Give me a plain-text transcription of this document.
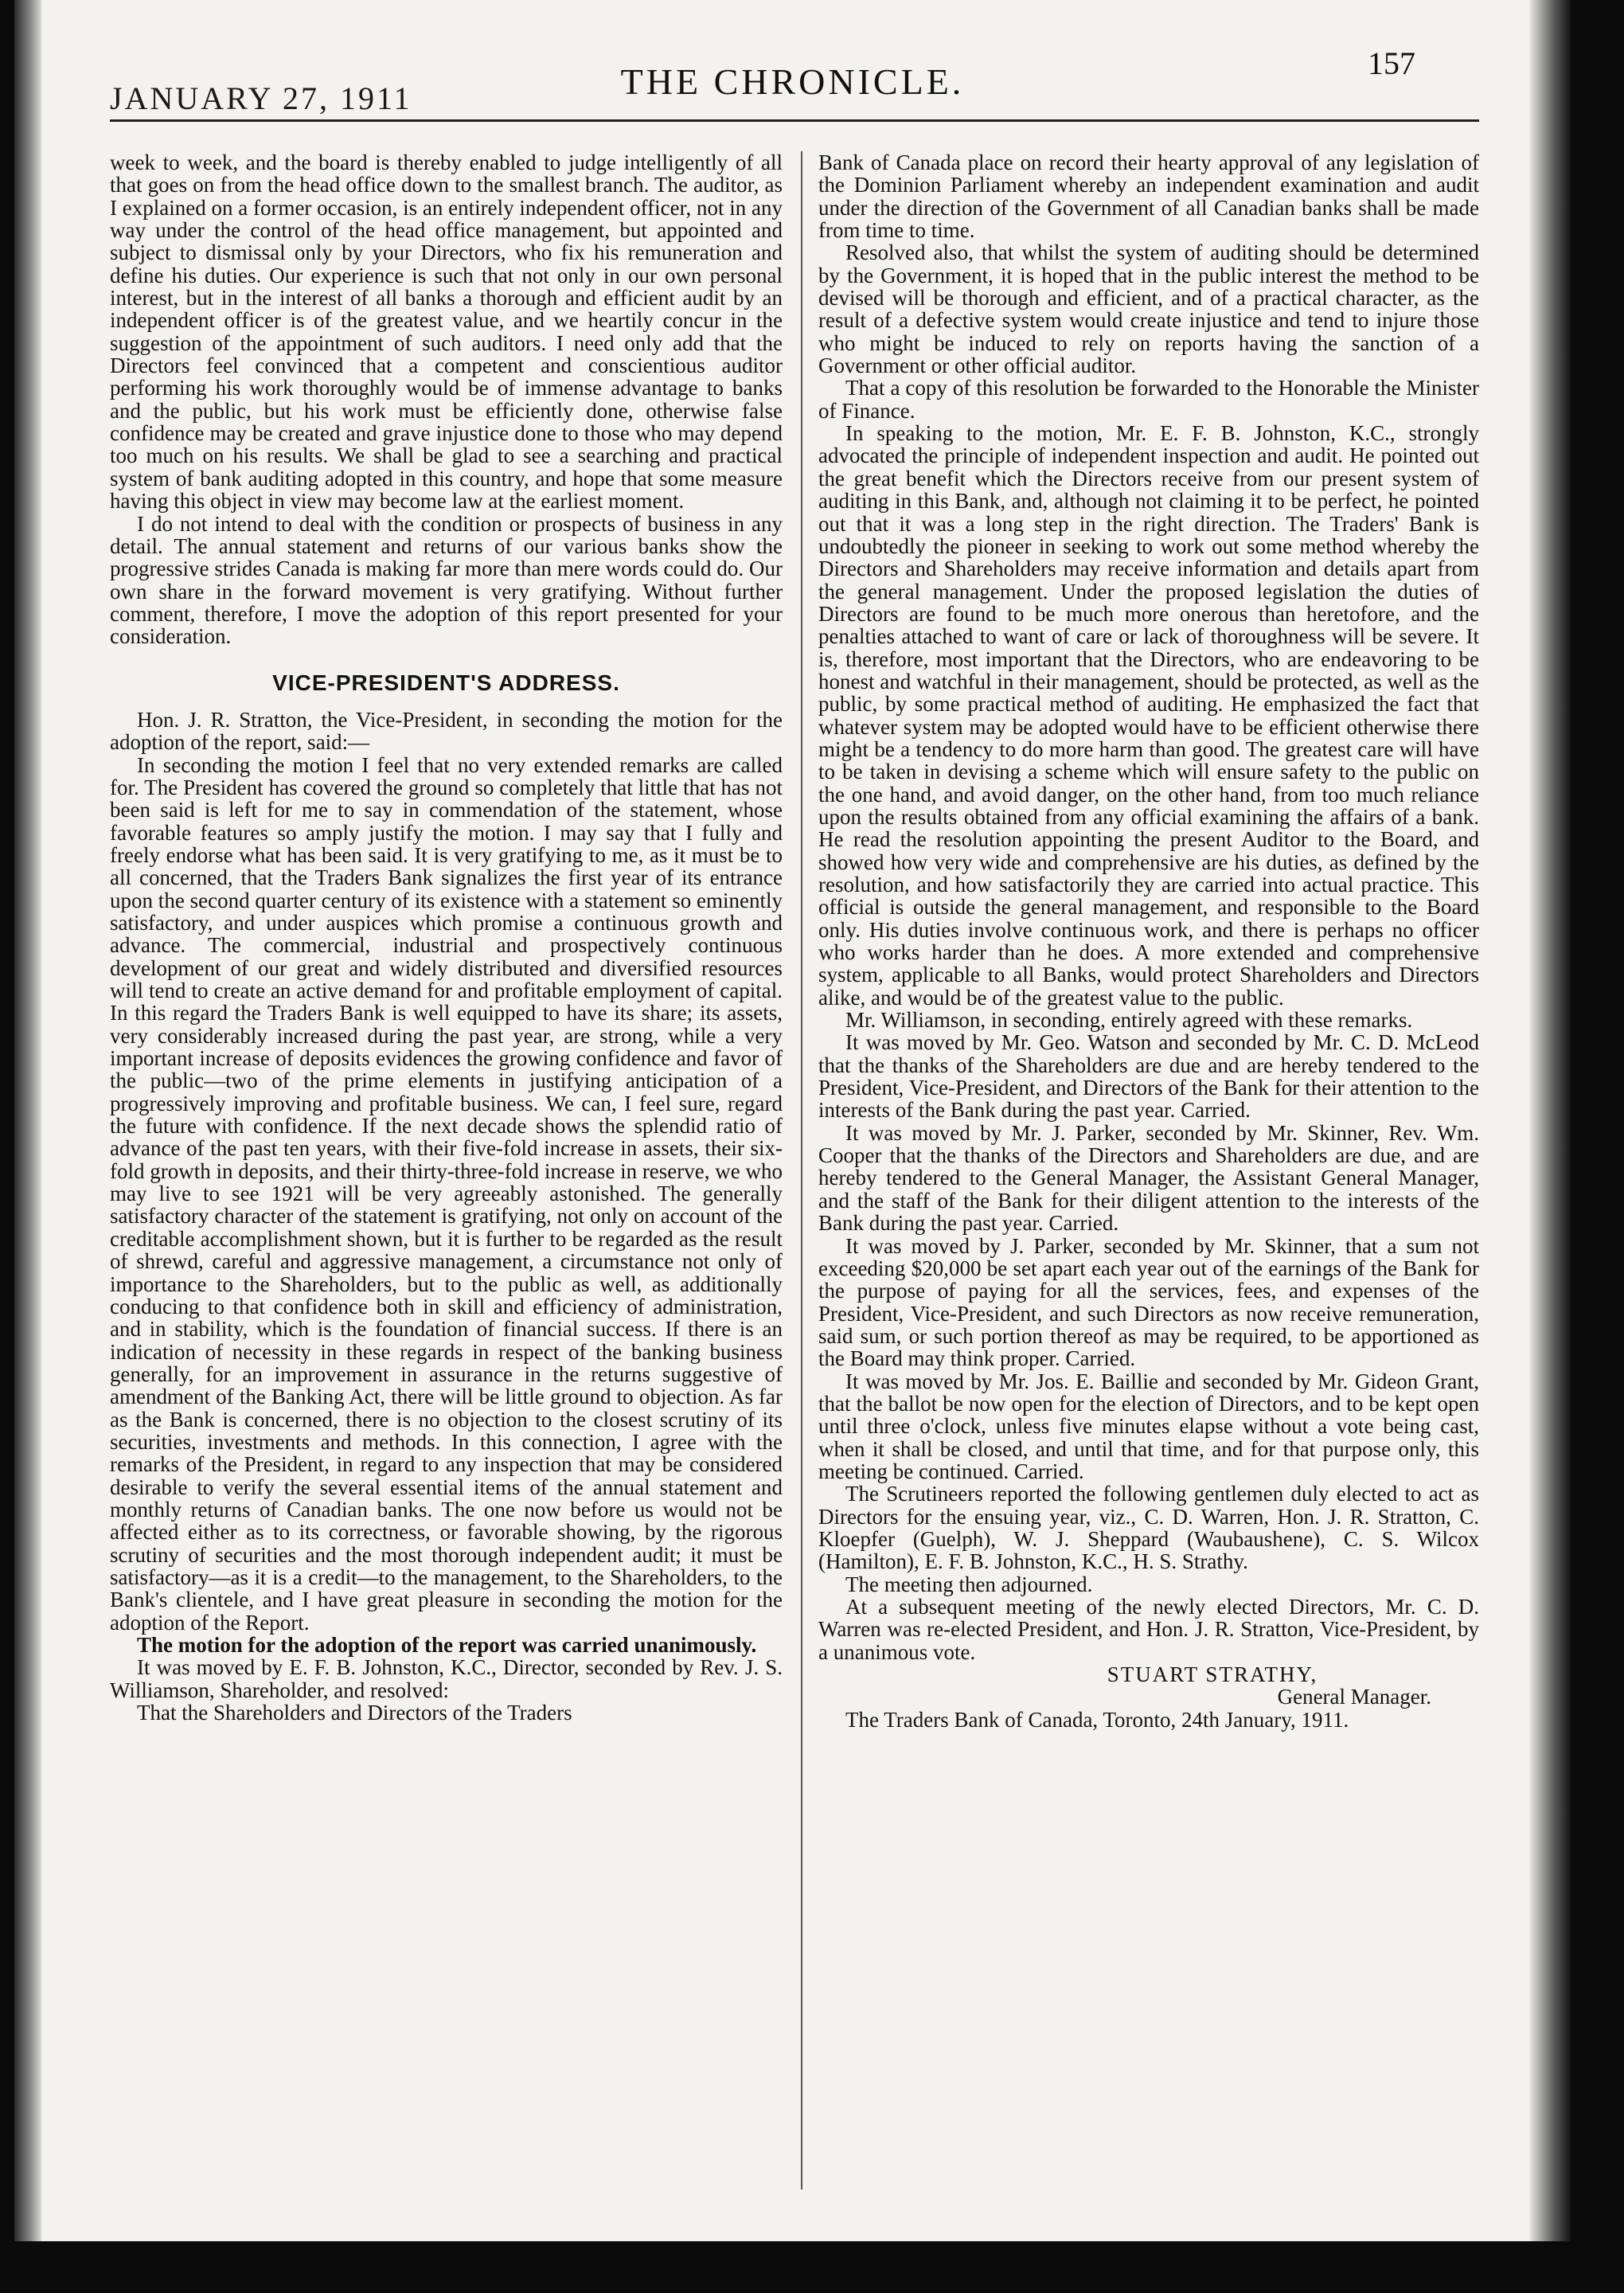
JANUARY 27, 1911	THE CHRONICLE.	157

week to week, and the board is thereby enabled to judge intelligently of all that goes on from the head office down to the smallest branch. The auditor, as I explained on a former occasion, is an entirely independent officer, not in any way under the control of the head office management, but appointed and subject to dismissal only by your Directors, who fix his remuneration and define his duties. Our experience is such that not only in our own personal interest, but in the interest of all banks a thorough and efficient audit by an independent officer is of the greatest value, and we heartily concur in the suggestion of the appointment of such auditors. I need only add that the Directors feel convinced that a competent and conscientious auditor performing his work thoroughly would be of immense advantage to banks and the public, but his work must be efficiently done, otherwise false confidence may be created and grave injustice done to those who may depend too much on his results. We shall be glad to see a searching and practical system of bank auditing adopted in this country, and hope that some measure having this object in view may become law at the earliest moment.

I do not intend to deal with the condition or prospects of business in any detail. The annual statement and returns of our various banks show the progressive strides Canada is making far more than mere words could do. Our own share in the forward movement is very gratifying. Without further comment, therefore, I move the adoption of this report presented for your consideration.

VICE-PRESIDENT'S ADDRESS.

Hon. J. R. Stratton, the Vice-President, in seconding the motion for the adoption of the report, said:—

In seconding the motion I feel that no very extended remarks are called for. The President has covered the ground so completely that little that has not been said is left for me to say in commendation of the statement, whose favorable features so amply justify the motion. I may say that I fully and freely endorse what has been said. It is very gratifying to me, as it must be to all concerned, that the Traders Bank signalizes the first year of its entrance upon the second quarter century of its existence with a statement so eminently satisfactory, and under auspices which promise a continuous growth and advance. The commercial, industrial and prospectively continuous development of our great and widely distributed and diversified resources will tend to create an active demand for and profitable employment of capital. In this regard the Traders Bank is well equipped to have its share; its assets, very considerably increased during the past year, are strong, while a very important increase of deposits evidences the growing confidence and favor of the public—two of the prime elements in justifying anticipation of a progressively improving and profitable business. We can, I feel sure, regard the future with confidence. If the next decade shows the splendid ratio of advance of the past ten years, with their five-fold increase in assets, their six-fold growth in deposits, and their thirty-three-fold increase in reserve, we who may live to see 1921 will be very agreeably astonished. The generally satisfactory character of the statement is gratifying, not only on account of the creditable accomplishment shown, but it is further to be regarded as the result of shrewd, careful and aggressive management, a circumstance not only of importance to the Shareholders, but to the public as well, as additionally conducing to that confidence both in skill and efficiency of administration, and in stability, which is the foundation of financial success. If there is an indication of necessity in these regards in respect of the banking business generally, for an improvement in assurance in the returns suggestive of amendment of the Banking Act, there will be little ground to objection. As far as the Bank is concerned, there is no objection to the closest scrutiny of its securities, investments and methods. In this connection, I agree with the remarks of the President, in regard to any inspection that may be considered desirable to verify the several essential items of the annual statement and monthly returns of Canadian banks. The one now before us would not be affected either as to its correctness, or favorable showing, by the rigorous scrutiny of securities and the most thorough independent audit; it must be satisfactory—as it is a credit—to the management, to the Shareholders, to the Bank's clientele, and I have great pleasure in seconding the motion for the adoption of the Report.

The motion for the adoption of the report was carried unanimously.

It was moved by E. F. B. Johnston, K.C., Director, seconded by Rev. J. S. Williamson, Shareholder, and resolved:

That the Shareholders and Directors of the Traders

Bank of Canada place on record their hearty approval of any legislation of the Dominion Parliament whereby an independent examination and audit under the direction of the Government of all Canadian banks shall be made from time to time.

Resolved also, that whilst the system of auditing should be determined by the Government, it is hoped that in the public interest the method to be devised will be thorough and efficient, and of a practical character, as the result of a defective system would create injustice and tend to injure those who might be induced to rely on reports having the sanction of a Government or other official auditor.

That a copy of this resolution be forwarded to the Honorable the Minister of Finance.

In speaking to the motion, Mr. E. F. B. Johnston, K.C., strongly advocated the principle of independent inspection and audit. He pointed out the great benefit which the Directors receive from our present system of auditing in this Bank, and, although not claiming it to be perfect, he pointed out that it was a long step in the right direction. The Traders' Bank is undoubtedly the pioneer in seeking to work out some method whereby the Directors and Shareholders may receive information and details apart from the general management. Under the proposed legislation the duties of Directors are found to be much more onerous than heretofore, and the penalties attached to want of care or lack of thoroughness will be severe. It is, therefore, most important that the Directors, who are endeavoring to be honest and watchful in their management, should be protected, as well as the public, by some practical method of auditing. He emphasized the fact that whatever system may be adopted would have to be efficient otherwise there might be a tendency to do more harm than good. The greatest care will have to be taken in devising a scheme which will ensure safety to the public on the one hand, and avoid danger, on the other hand, from too much reliance upon the results obtained from any official examining the affairs of a bank. He read the resolution appointing the present Auditor to the Board, and showed how very wide and comprehensive are his duties, as defined by the resolution, and how satisfactorily they are carried into actual practice. This official is outside the general management, and responsible to the Board only. His duties involve continuous work, and there is perhaps no officer who works harder than he does. A more extended and comprehensive system, applicable to all Banks, would protect Shareholders and Directors alike, and would be of the greatest value to the public.

Mr. Williamson, in seconding, entirely agreed with these remarks.

It was moved by Mr. Geo. Watson and seconded by Mr. C. D. McLeod that the thanks of the Shareholders are due and are hereby tendered to the President, Vice-President, and Directors of the Bank for their attention to the interests of the Bank during the past year. Carried.

It was moved by Mr. J. Parker, seconded by Mr. Skinner, Rev. Wm. Cooper that the thanks of the Directors and Shareholders are due, and are hereby tendered to the General Manager, the Assistant General Manager, and the staff of the Bank for their diligent attention to the interests of the Bank during the past year. Carried.

It was moved by J. Parker, seconded by Mr. Skinner, that a sum not exceeding $20,000 be set apart each year out of the earnings of the Bank for the purpose of paying for all the services, fees, and expenses of the President, Vice-President, and such Directors as now receive remuneration, said sum, or such portion thereof as may be required, to be apportioned as the Board may think proper. Carried.

It was moved by Mr. Jos. E. Baillie and seconded by Mr. Gideon Grant, that the ballot be now open for the election of Directors, and to be kept open until three o'clock, unless five minutes elapse without a vote being cast, when it shall be closed, and until that time, and for that purpose only, this meeting be continued. Carried.

The Scrutineers reported the following gentlemen duly elected to act as Directors for the ensuing year, viz., C. D. Warren, Hon. J. R. Stratton, C. Kloepfer (Guelph), W. J. Sheppard (Waubaushene), C. S. Wilcox (Hamilton), E. F. B. Johnston, K.C., H. S. Strathy.

The meeting then adjourned.

At a subsequent meeting of the newly elected Directors, Mr. C. D. Warren was re-elected President, and Hon. J. R. Stratton, Vice-President, by a unanimous vote.

STUART STRATHY,
General Manager.

The Traders Bank of Canada, Toronto, 24th January, 1911.
